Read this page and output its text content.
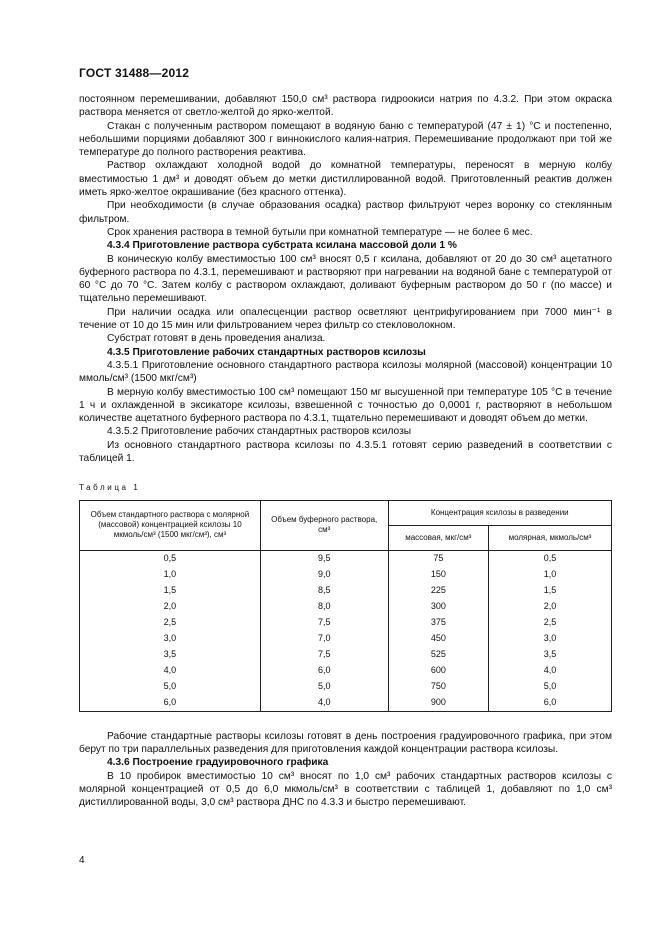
ГОСТ 31488—2012

постоянном перемешивании, добавляют 150,0 см³ раствора гидроокиси натрия по 4.3.2. При этом окраска раствора меняется от светло-желтой до ярко-желтой.

Стакан с полученным раствором помещают в водяную баню с температурой (47 ± 1) °С и постепенно, небольшими порциями добавляют 300 г виннокислого калия-натрия. Перемешивание продолжают при той же температуре до полного растворения реактива.

Раствор охлаждают холодной водой до комнатной температуры, переносят в мерную колбу вместимостью 1 дм³ и доводят объем до метки дистиллированной водой. Приготовленный реактив должен иметь ярко-желтое окрашивание (без красного оттенка).

При необходимости (в случае образования осадка) раствор фильтруют через воронку со стеклянным фильтром.

Срок хранения раствора в темной бутыли при комнатной температуре — не более 6 мес.

4.3.4 Приготовление раствора субстрата ксилана массовой доли 1 %

В коническую колбу вместимостью 100 см³ вносят 0,5 г ксилана, добавляют от 20 до 30 см³ ацетатного буферного раствора по 4.3.1, перемешивают и растворяют при нагревании на водяной бане с температурой от 60 °С до 70 °С. Затем колбу с раствором охлаждают, доливают буферным раствором до 50 г (по массе) и тщательно перемешивают.

При наличии осадка или опалесценции раствор осветляют центрифугированием при 7000 мин⁻¹ в течение от 10 до 15 мин или фильтрованием через фильтр со стекловолокном.

Субстрат готовят в день проведения анализа.

4.3.5 Приготовление рабочих стандартных растворов ксилозы

4.3.5.1 Приготовление основного стандартного раствора ксилозы молярной (массовой) концентрации 10 ммоль/см³ (1500 мкг/см³)

В мерную колбу вместимостью 100 см³ помещают 150 мг высушенной при температуре 105 °С в течение 1 ч и охлажденной в эксикаторе ксилозы, взвешенной с точностью до 0,0001 г, растворяют в небольшом количестве ацетатного буферного раствора по 4.3.1, тщательно перемешивают и доводят объем до метки.

4.3.5.2 Приготовление рабочих стандартных растворов ксилозы

Из основного стандартного раствора ксилозы по 4.3.5.1 готовят серию разведений в соответствии с таблицей 1.

Таблица 1
Объем стандартного раствора с молярной (массовой) концентрацией ксилозы 10 мкмоль/см³ (1500 мкг/см³), см³	Объем буферного раствора, см³	Концентрация ксилозы в разведении	
		массовая, мкг/см³	молярная, мкмоль/см³
0,5	9,5	75	0,5
1,0	9,0	150	1,0
1,5	8,5	225	1,5
2,0	8,0	300	2,0
2,5	7,5	375	2,5
3,0	7,0	450	3,0
3,5	7,5	525	3,5
4,0	6,0	600	4,0
5,0	5,0	750	5,0
6,0	4,0	900	6,0

Рабочие стандартные растворы ксилозы готовят в день построения градуировочного графика, при этом берут по три параллельных разведения для приготовления каждой концентрации раствора ксилозы.

4.3.6 Построение градуировочного графика

В 10 пробирок вместимостью 10 см³ вносят по 1,0 см³ рабочих стандартных растворов ксилозы с молярной концентрацией от 0,5 до 6,0 мкмоль/см³ в соответствии с таблицей 1, добавляют по 1,0 см³ дистиллированной воды, 3,0 см³ раствора ДНС по 4.3.3 и быстро перемешивают.

4
